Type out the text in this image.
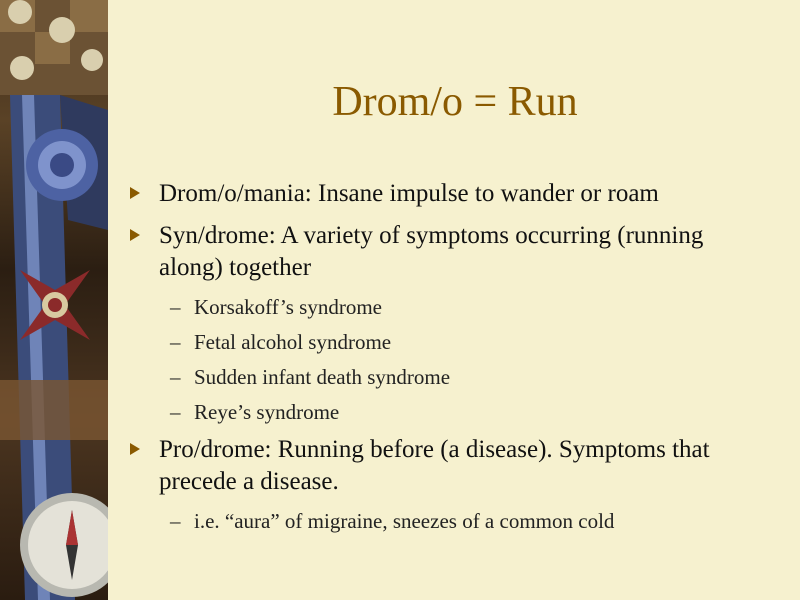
Drom/o = Run
Drom/o/mania: Insane impulse to wander or roam
Syn/drome: A variety of symptoms occurring (running along) together
– Korsakoff’s syndrome
– Fetal alcohol syndrome
– Sudden infant death syndrome
– Reye’s syndrome
Pro/drome: Running before (a disease). Symptoms that precede a disease.
– i.e. “aura” of migraine, sneezes of a common cold
